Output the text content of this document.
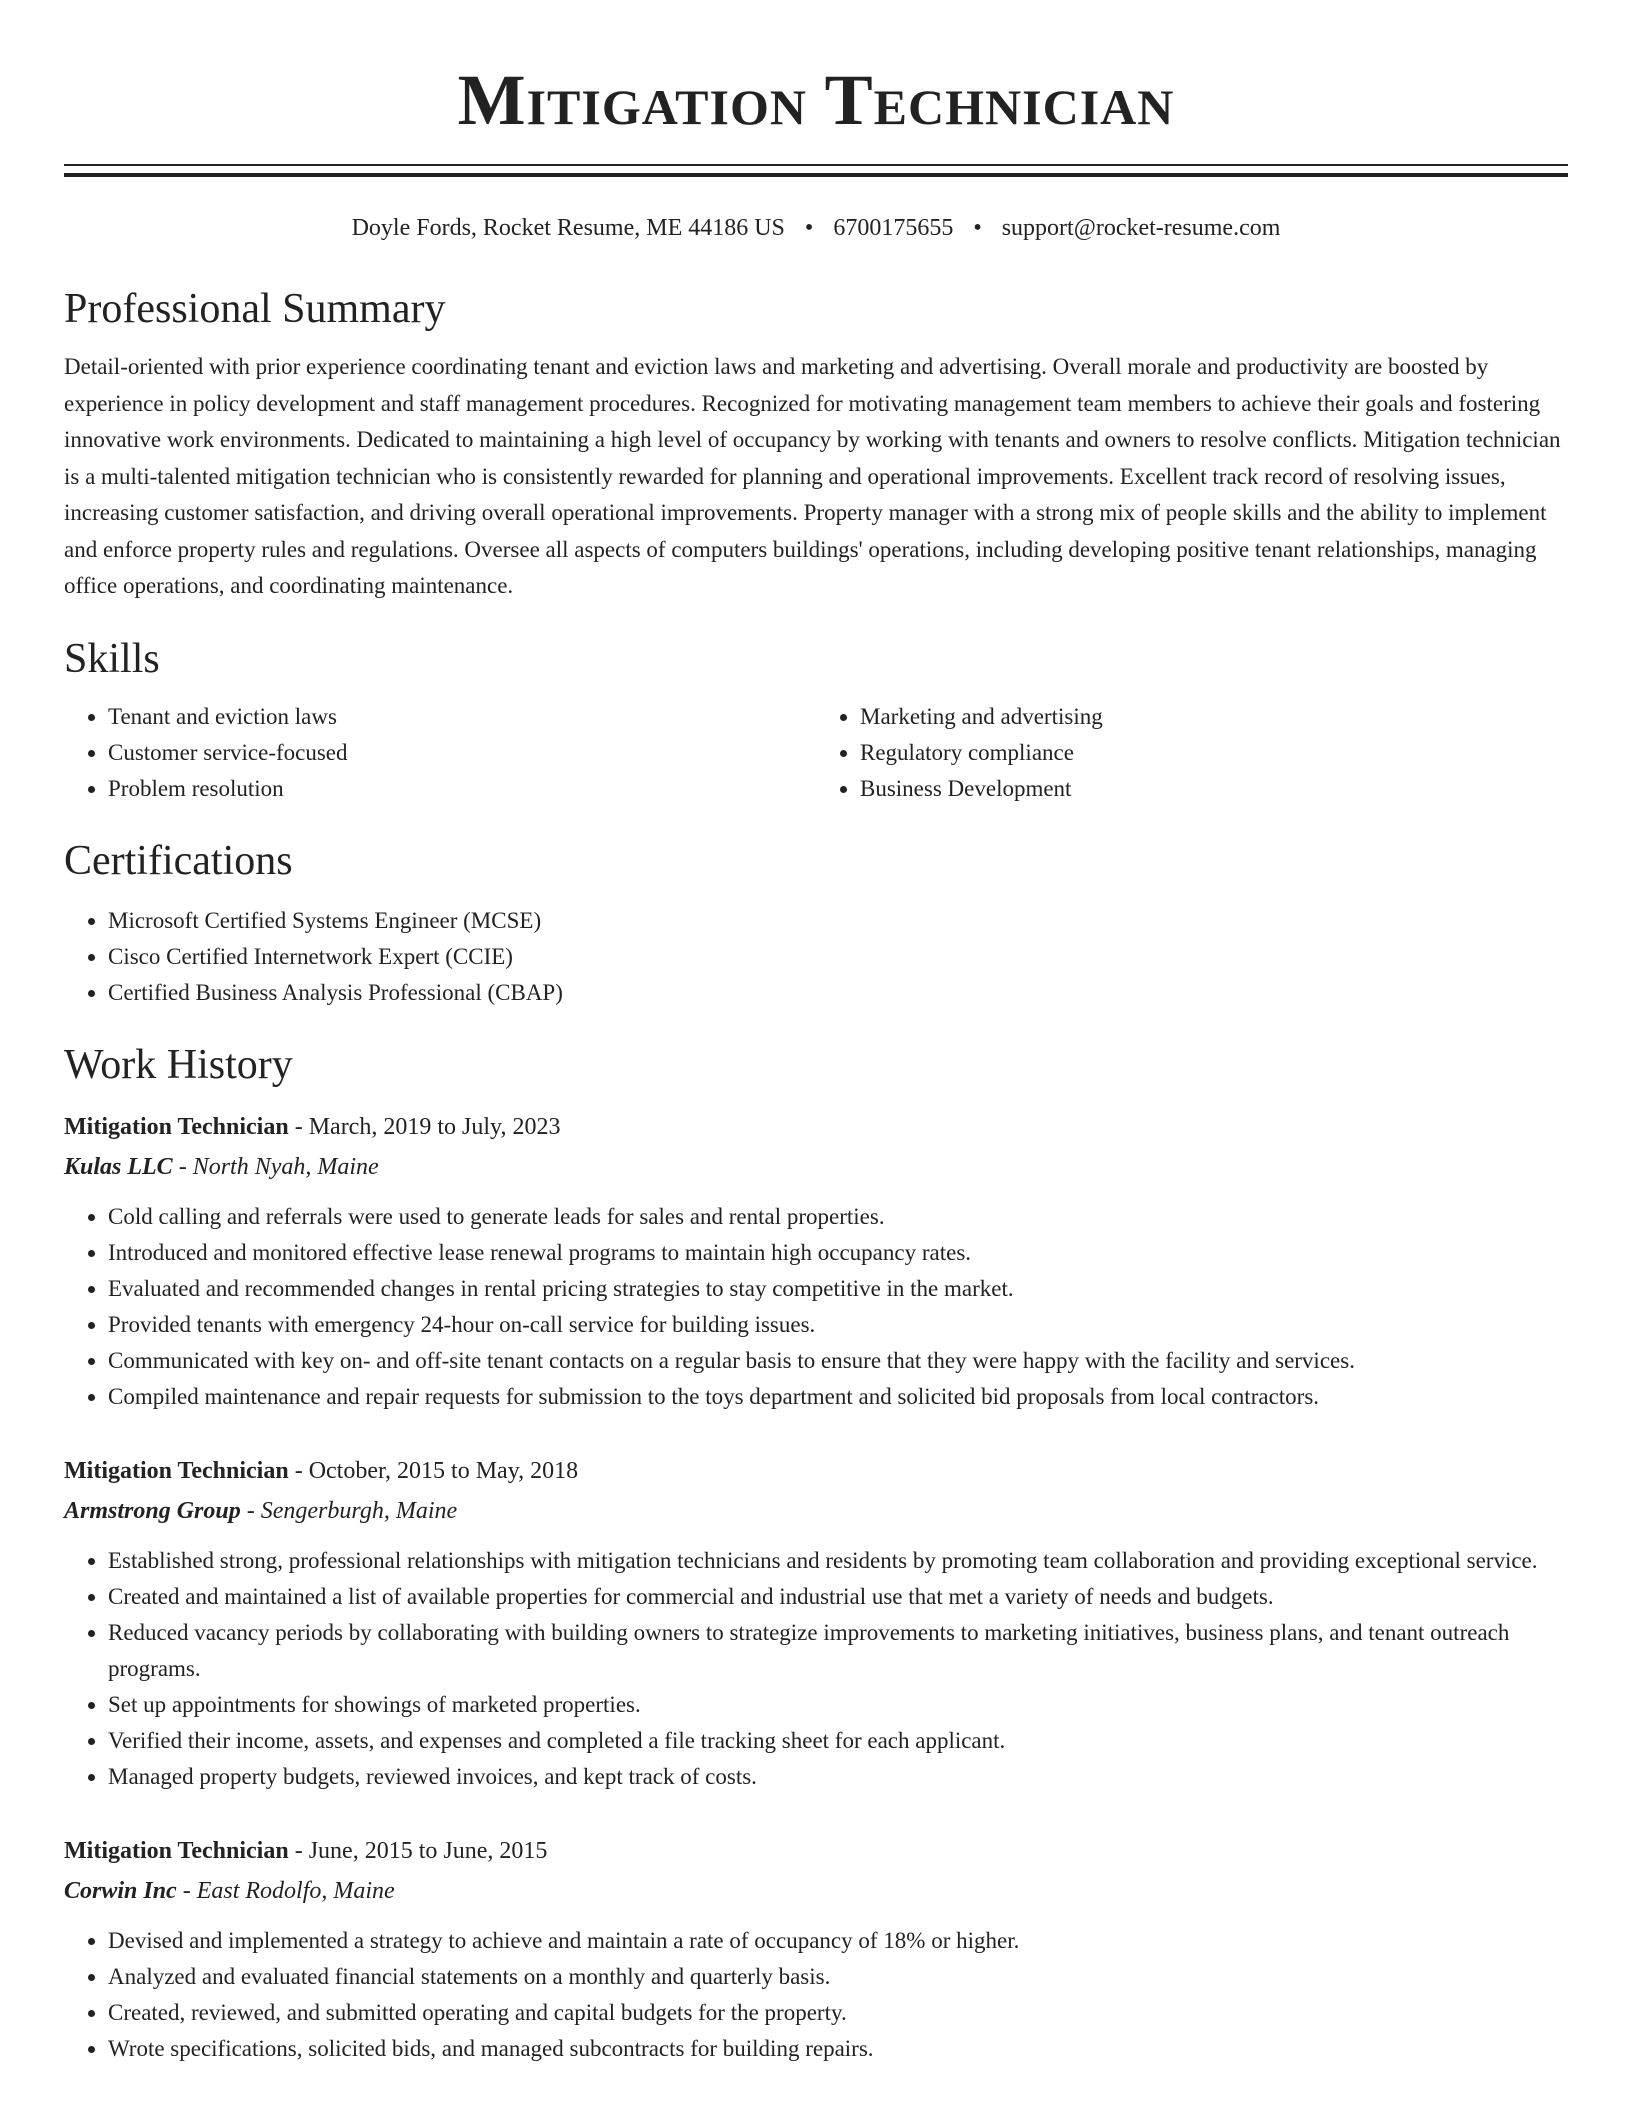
Mitigation Technician
Doyle Fords, Rocket Resume, ME 44186 US • 6700175655 • support@rocket-resume.com
Professional Summary
Detail-oriented with prior experience coordinating tenant and eviction laws and marketing and advertising. Overall morale and productivity are boosted by experience in policy development and staff management procedures. Recognized for motivating management team members to achieve their goals and fostering innovative work environments. Dedicated to maintaining a high level of occupancy by working with tenants and owners to resolve conflicts. Mitigation technician is a multi-talented mitigation technician who is consistently rewarded for planning and operational improvements. Excellent track record of resolving issues, increasing customer satisfaction, and driving overall operational improvements. Property manager with a strong mix of people skills and the ability to implement and enforce property rules and regulations. Oversee all aspects of computers buildings' operations, including developing positive tenant relationships, managing office operations, and coordinating maintenance.
Skills
• Tenant and eviction laws
• Customer service-focused
• Problem resolution
• Marketing and advertising
• Regulatory compliance
• Business Development
Certifications
• Microsoft Certified Systems Engineer (MCSE)
• Cisco Certified Internetwork Expert (CCIE)
• Certified Business Analysis Professional (CBAP)
Work History
Mitigation Technician - March, 2019 to July, 2023
Kulas LLC - North Nyah, Maine
• Cold calling and referrals were used to generate leads for sales and rental properties.
• Introduced and monitored effective lease renewal programs to maintain high occupancy rates.
• Evaluated and recommended changes in rental pricing strategies to stay competitive in the market.
• Provided tenants with emergency 24-hour on-call service for building issues.
• Communicated with key on- and off-site tenant contacts on a regular basis to ensure that they were happy with the facility and services.
• Compiled maintenance and repair requests for submission to the toys department and solicited bid proposals from local contractors.
Mitigation Technician - October, 2015 to May, 2018
Armstrong Group - Sengerburgh, Maine
• Established strong, professional relationships with mitigation technicians and residents by promoting team collaboration and providing exceptional service.
• Created and maintained a list of available properties for commercial and industrial use that met a variety of needs and budgets.
• Reduced vacancy periods by collaborating with building owners to strategize improvements to marketing initiatives, business plans, and tenant outreach programs.
• Set up appointments for showings of marketed properties.
• Verified their income, assets, and expenses and completed a file tracking sheet for each applicant.
• Managed property budgets, reviewed invoices, and kept track of costs.
Mitigation Technician - June, 2015 to June, 2015
Corwin Inc - East Rodolfo, Maine
• Devised and implemented a strategy to achieve and maintain a rate of occupancy of 18% or higher.
• Analyzed and evaluated financial statements on a monthly and quarterly basis.
• Created, reviewed, and submitted operating and capital budgets for the property.
• Wrote specifications, solicited bids, and managed subcontracts for building repairs.
